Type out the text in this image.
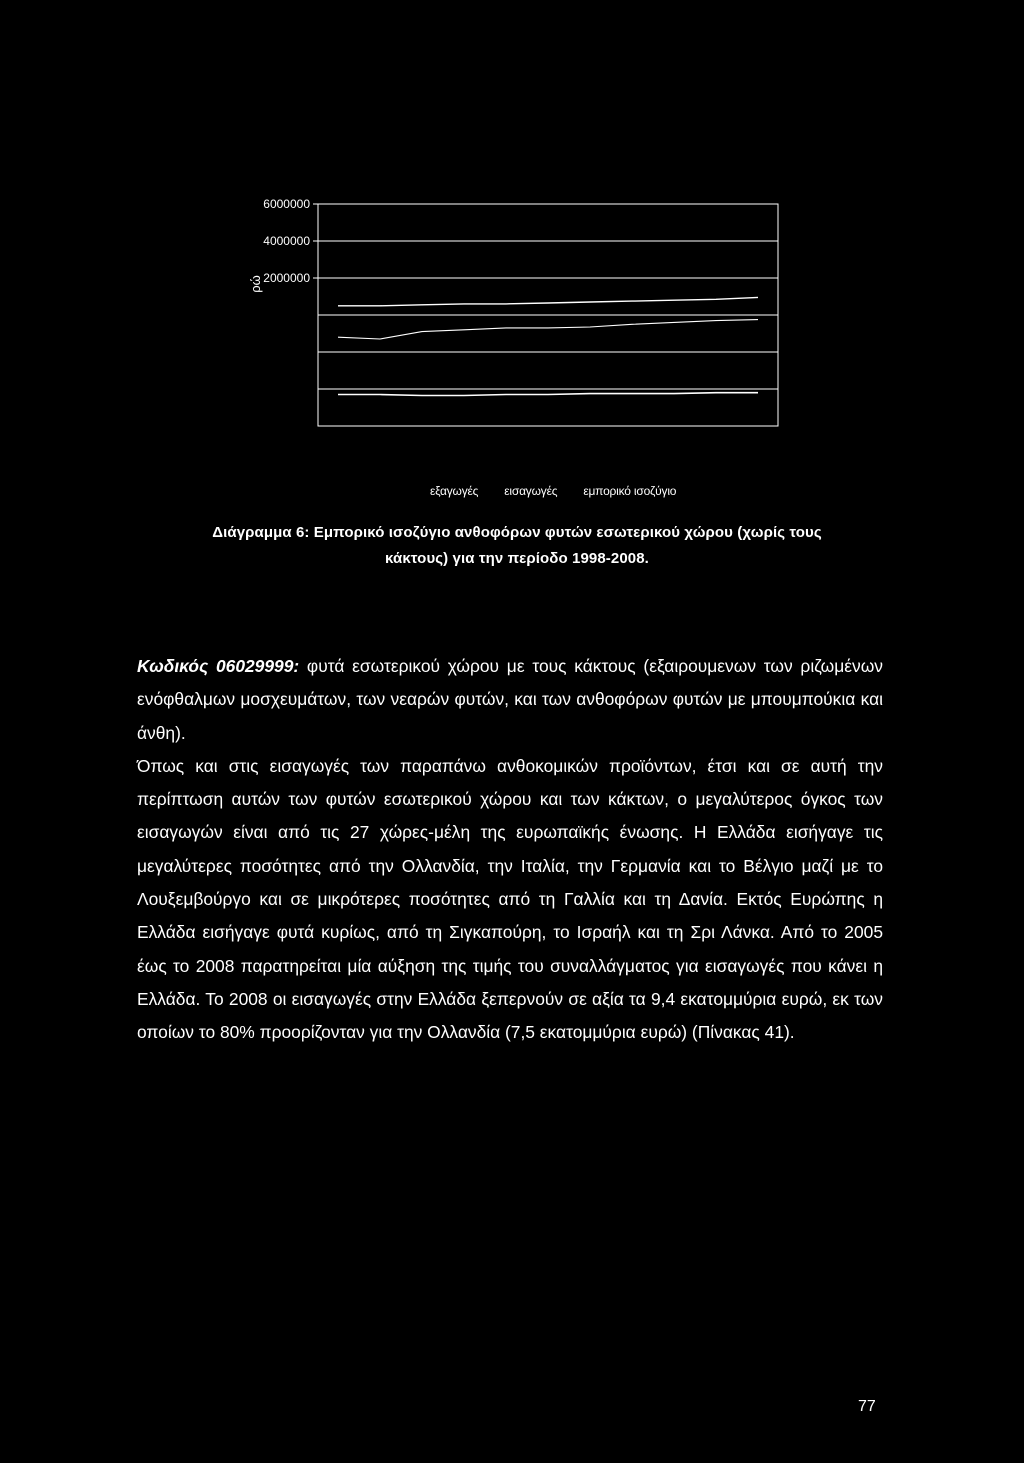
ρώ
6000000
4000000
2000000
εξαγωγές εισαγωγές εμπορικό ισοζύγιο
Διάγραμμα 6: Εμπορικό ισοζύγιο ανθοφόρων φυτών εσωτερικού χώρου (χωρίς τους
κάκτους) για την περίοδο 1998-2008.

Κωδικός 06029999: φυτά εσωτερικού χώρου με τους κάκτους (εξαιρουμενων των ριζωμένων ενόφθαλμων μοσχευμάτων, των νεαρών φυτών, και των ανθοφόρων φυτών με μπουμπούκια και άνθη).

Όπως και στις εισαγωγές των παραπάνω ανθοκομικών προϊόντων, έτσι και σε αυτή την περίπτωση αυτών των φυτών εσωτερικού χώρου και των κάκτων, ο μεγαλύτερος όγκος των εισαγωγών είναι από τις 27 χώρες-μέλη της ευρωπαϊκής ένωσης. Η Ελλάδα εισήγαγε τις μεγαλύτερες ποσότητες από την Ολλανδία, την Ιταλία, την Γερμανία και το Βέλγιο μαζί με το Λουξεμβούργο και σε μικρότερες ποσότητες από τη Γαλλία και τη Δανία. Εκτός Ευρώπης η Ελλάδα εισήγαγε φυτά κυρίως, από τη Σιγκαπούρη, το Ισραήλ και τη Σρι Λάνκα. Από το 2005 έως το 2008 παρατηρείται μία αύξηση της τιμής του συναλλάγματος για εισαγωγές που κάνει η Ελλάδα. Το 2008 οι εισαγωγές στην Ελλάδα ξεπερνούν σε αξία τα 9,4 εκατομμύρια ευρώ, εκ των οποίων το 80% προορίζονταν για την Ολλανδία (7,5 εκατομμύρια ευρώ) (Πίνακας 41).

77
